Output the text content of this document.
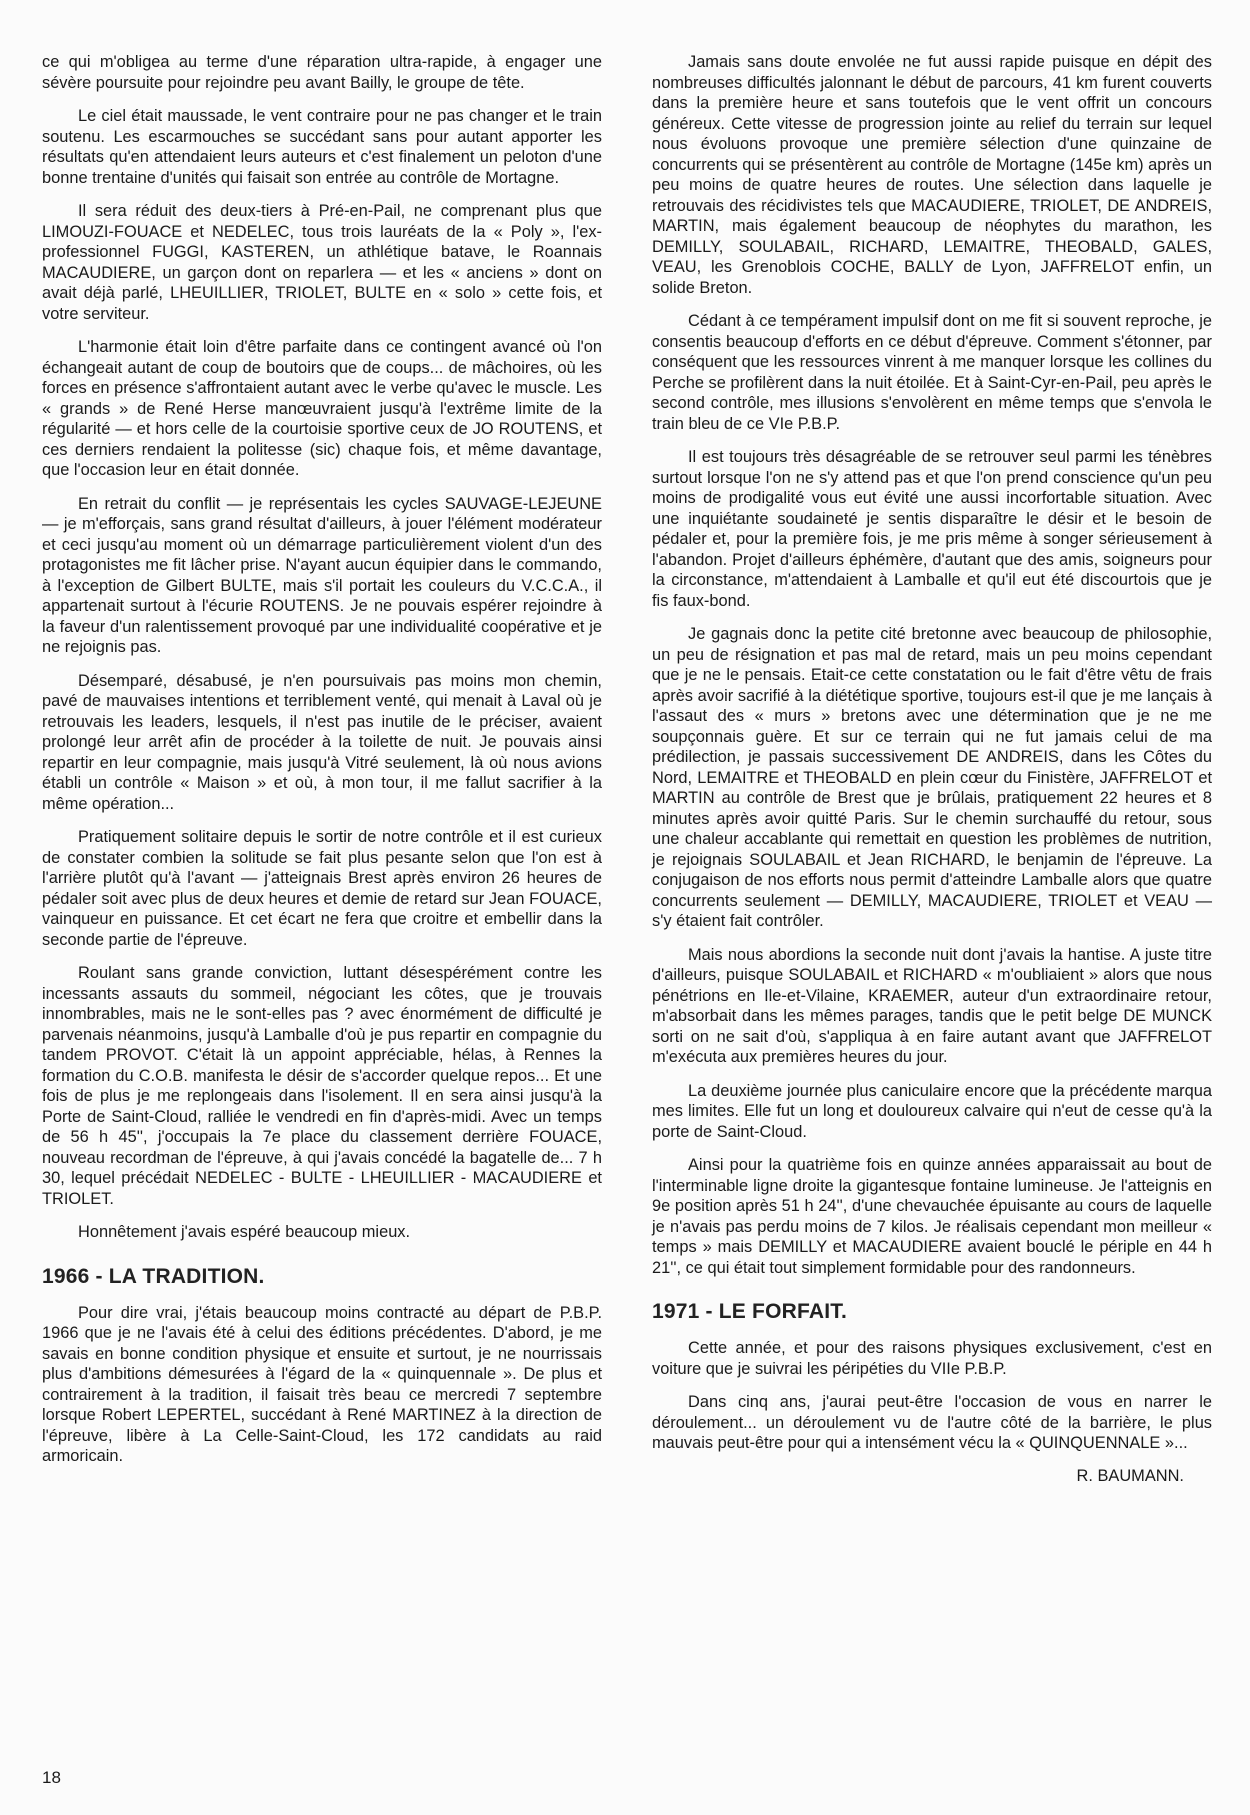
ce qui m'obligea au terme d'une réparation ultra-rapide, à engager une sévère poursuite pour rejoindre peu avant Bailly, le groupe de tête.

Le ciel était maussade, le vent contraire pour ne pas changer et le train soutenu. Les escarmouches se succédant sans pour autant apporter les résultats qu'en attendaient leurs auteurs et c'est finalement un peloton d'une bonne trentaine d'unités qui faisait son entrée au contrôle de Mortagne.

Il sera réduit des deux-tiers à Pré-en-Pail, ne comprenant plus que LIMOUZI-FOUACE et NEDELEC, tous trois lauréats de la « Poly », l'ex-professionnel FUGGI, KASTEREN, un athlétique batave, le Roannais MACAUDIERE, un garçon dont on reparlera — et les « anciens » dont on avait déjà parlé, LHEUILLIER, TRIOLET, BULTE en « solo » cette fois, et votre serviteur.

L'harmonie était loin d'être parfaite dans ce contingent avancé où l'on échangeait autant de coup de boutoirs que de coups... de mâchoires, où les forces en présence s'affrontaient autant avec le verbe qu'avec le muscle. Les « grands » de René Herse manœuvraient jusqu'à l'extrême limite de la régularité — et hors celle de la courtoisie sportive ceux de JO ROUTENS, et ces derniers rendaient la politesse (sic) chaque fois, et même davantage, que l'occasion leur en était donnée.

En retrait du conflit — je représentais les cycles SAUVAGE-LEJEUNE — je m'efforçais, sans grand résultat d'ailleurs, à jouer l'élément modérateur et ceci jusqu'au moment où un démarrage particulièrement violent d'un des protagonistes me fit lâcher prise. N'ayant aucun équipier dans le commando, à l'exception de Gilbert BULTE, mais s'il portait les couleurs du V.C.C.A., il appartenait surtout à l'écurie ROUTENS. Je ne pouvais espérer rejoindre à la faveur d'un ralentissement provoqué par une individualité coopérative et je ne rejoignis pas.

Désemparé, désabusé, je n'en poursuivais pas moins mon chemin, pavé de mauvaises intentions et terriblement venté, qui menait à Laval où je retrouvais les leaders, lesquels, il n'est pas inutile de le préciser, avaient prolongé leur arrêt afin de procéder à la toilette de nuit. Je pouvais ainsi repartir en leur compagnie, mais jusqu'à Vitré seulement, là où nous avions établi un contrôle « Maison » et où, à mon tour, il me fallut sacrifier à la même opération...

Pratiquement solitaire depuis le sortir de notre contrôle et il est curieux de constater combien la solitude se fait plus pesante selon que l'on est à l'arrière plutôt qu'à l'avant — j'atteignais Brest après environ 26 heures de pédaler soit avec plus de deux heures et demie de retard sur Jean FOUACE, vainqueur en puissance. Et cet écart ne fera que croitre et embellir dans la seconde partie de l'épreuve.

Roulant sans grande conviction, luttant désespérément contre les incessants assauts du sommeil, négociant les côtes, que je trouvais innombrables, mais ne le sont-elles pas ? avec énormément de difficulté je parvenais néanmoins, jusqu'à Lamballe d'où je pus repartir en compagnie du tandem PROVOT. C'était là un appoint appréciable, hélas, à Rennes la formation du C.O.B. manifesta le désir de s'accorder quelque repos... Et une fois de plus je me replongeais dans l'isolement. Il en sera ainsi jusqu'à la Porte de Saint-Cloud, ralliée le vendredi en fin d'après-midi. Avec un temps de 56 h 45'', j'occupais la 7e place du classement derrière FOUACE, nouveau recordman de l'épreuve, à qui j'avais concédé la bagatelle de... 7 h 30, lequel précédait NEDELEC - BULTE - LHEUILLIER - MACAUDIERE et TRIOLET.

Honnêtement j'avais espéré beaucoup mieux.

1966 - LA TRADITION.

Pour dire vrai, j'étais beaucoup moins contracté au départ de P.B.P. 1966 que je ne l'avais été à celui des éditions précédentes. D'abord, je me savais en bonne condition physique et ensuite et surtout, je ne nourrissais plus d'ambitions démesurées à l'égard de la « quinquennale ». De plus et contrairement à la tradition, il faisait très beau ce mercredi 7 septembre lorsque Robert LEPERTEL, succédant à René MARTINEZ à la direction de l'épreuve, libère à La Celle-Saint-Cloud, les 172 candidats au raid armoricain.

Jamais sans doute envolée ne fut aussi rapide puisque en dépit des nombreuses difficultés jalonnant le début de parcours, 41 km furent couverts dans la première heure et sans toutefois que le vent offrit un concours généreux. Cette vitesse de progression jointe au relief du terrain sur lequel nous évoluons provoque une première sélection d'une quinzaine de concurrents qui se présentèrent au contrôle de Mortagne (145e km) après un peu moins de quatre heures de routes. Une sélection dans laquelle je retrouvais des récidivistes tels que MACAUDIERE, TRIOLET, DE ANDREIS, MARTIN, mais également beaucoup de néophytes du marathon, les DEMILLY, SOULABAIL, RICHARD, LEMAITRE, THEOBALD, GALES, VEAU, les Grenoblois COCHE, BALLY de Lyon, JAFFRELOT enfin, un solide Breton.

Cédant à ce tempérament impulsif dont on me fit si souvent reproche, je consentis beaucoup d'efforts en ce début d'épreuve. Comment s'étonner, par conséquent que les ressources vinrent à me manquer lorsque les collines du Perche se profilèrent dans la nuit étoilée. Et à Saint-Cyr-en-Pail, peu après le second contrôle, mes illusions s'envolèrent en même temps que s'envola le train bleu de ce VIe P.B.P.

Il est toujours très désagréable de se retrouver seul parmi les ténèbres surtout lorsque l'on ne s'y attend pas et que l'on prend conscience qu'un peu moins de prodigalité vous eut évité une aussi incorfortable situation. Avec une inquiétante soudaineté je sentis disparaître le désir et le besoin de pédaler et, pour la première fois, je me pris même à songer sérieusement à l'abandon. Projet d'ailleurs éphémère, d'autant que des amis, soigneurs pour la circonstance, m'attendaient à Lamballe et qu'il eut été discourtois que je fis faux-bond.

Je gagnais donc la petite cité bretonne avec beaucoup de philosophie, un peu de résignation et pas mal de retard, mais un peu moins cependant que je ne le pensais. Etait-ce cette constatation ou le fait d'être vêtu de frais après avoir sacrifié à la diététique sportive, toujours est-il que je me lançais à l'assaut des « murs » bretons avec une détermination que je ne me soupçonnais guère. Et sur ce terrain qui ne fut jamais celui de ma prédilection, je passais successivement DE ANDREIS, dans les Côtes du Nord, LEMAITRE et THEOBALD en plein cœur du Finistère, JAFFRELOT et MARTIN au contrôle de Brest que je brûlais, pratiquement 22 heures et 8 minutes après avoir quitté Paris. Sur le chemin surchauffé du retour, sous une chaleur accablante qui remettait en question les problèmes de nutrition, je rejoignais SOULABAIL et Jean RICHARD, le benjamin de l'épreuve. La conjugaison de nos efforts nous permit d'atteindre Lamballe alors que quatre concurrents seulement — DEMILLY, MACAUDIERE, TRIOLET et VEAU — s'y étaient fait contrôler.

Mais nous abordions la seconde nuit dont j'avais la hantise. A juste titre d'ailleurs, puisque SOULABAIL et RICHARD « m'oubliaient » alors que nous pénétrions en Ile-et-Vilaine, KRAEMER, auteur d'un extraordinaire retour, m'absorbait dans les mêmes parages, tandis que le petit belge DE MUNCK sorti on ne sait d'où, s'appliqua à en faire autant avant que JAFFRELOT m'exécuta aux premières heures du jour.

La deuxième journée plus caniculaire encore que la précédente marqua mes limites. Elle fut un long et douloureux calvaire qui n'eut de cesse qu'à la porte de Saint-Cloud.

Ainsi pour la quatrième fois en quinze années apparaissait au bout de l'interminable ligne droite la gigantesque fontaine lumineuse. Je l'atteignis en 9e position après 51 h 24'', d'une chevauchée épuisante au cours de laquelle je n'avais pas perdu moins de 7 kilos. Je réalisais cependant mon meilleur « temps » mais DEMILLY et MACAUDIERE avaient bouclé le périple en 44 h 21'', ce qui était tout simplement formidable pour des randonneurs.

1971 - LE FORFAIT.

Cette année, et pour des raisons physiques exclusivement, c'est en voiture que je suivrai les péripéties du VIIe P.B.P.

Dans cinq ans, j'aurai peut-être l'occasion de vous en narrer le déroulement... un déroulement vu de l'autre côté de la barrière, le plus mauvais peut-être pour qui a intensément vécu la « QUINQUENNALE »...

R. BAUMANN.
18
